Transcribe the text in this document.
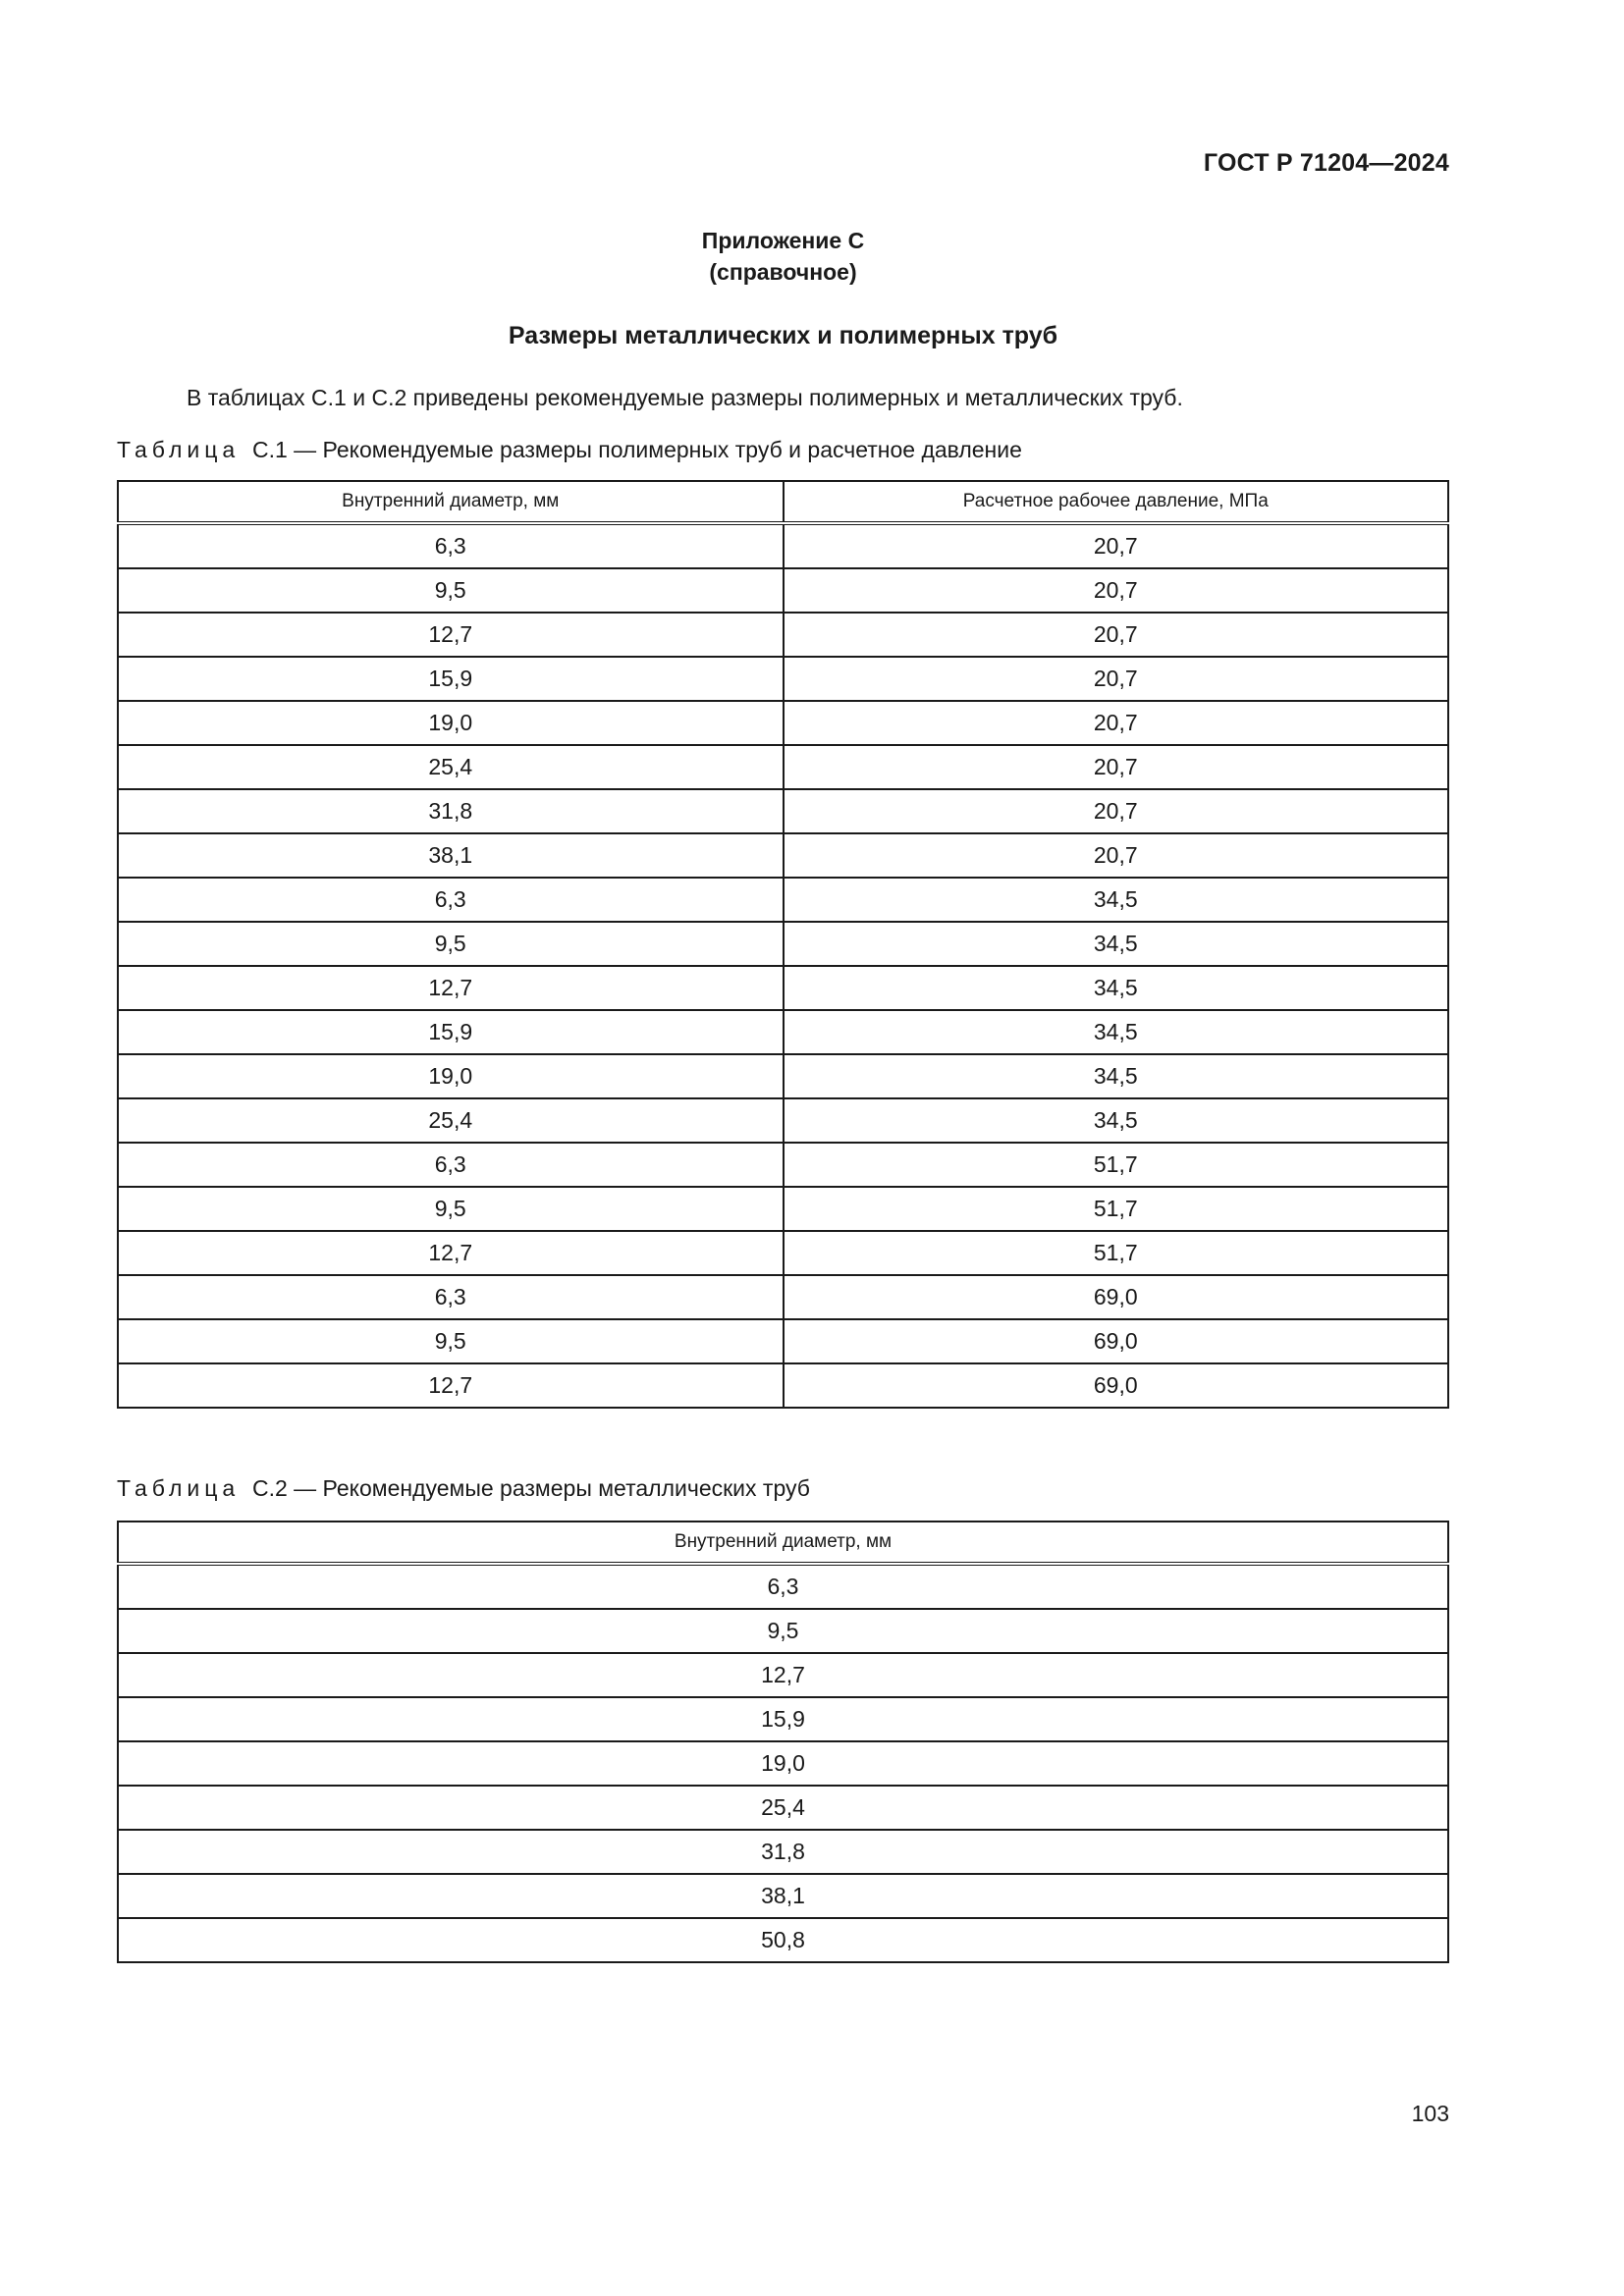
ГОСТ Р 71204—2024
Приложение С
(справочное)
Размеры металлических и полимерных труб
В таблицах С.1 и С.2 приведены рекомендуемые размеры полимерных и металлических труб.
Таблица С.1 — Рекомендуемые размеры полимерных труб и расчетное давление
Внутренний диаметр, мм	Расчетное рабочее давление, МПа
6,3	20,7
9,5	20,7
12,7	20,7
15,9	20,7
19,0	20,7
25,4	20,7
31,8	20,7
38,1	20,7
6,3	34,5
9,5	34,5
12,7	34,5
15,9	34,5
19,0	34,5
25,4	34,5
6,3	51,7
9,5	51,7
12,7	51,7
6,3	69,0
9,5	69,0
12,7	69,0
Таблица С.2 — Рекомендуемые размеры металлических труб
Внутренний диаметр, мм
6,3
9,5
12,7
15,9
19,0
25,4
31,8
38,1
50,8
103
